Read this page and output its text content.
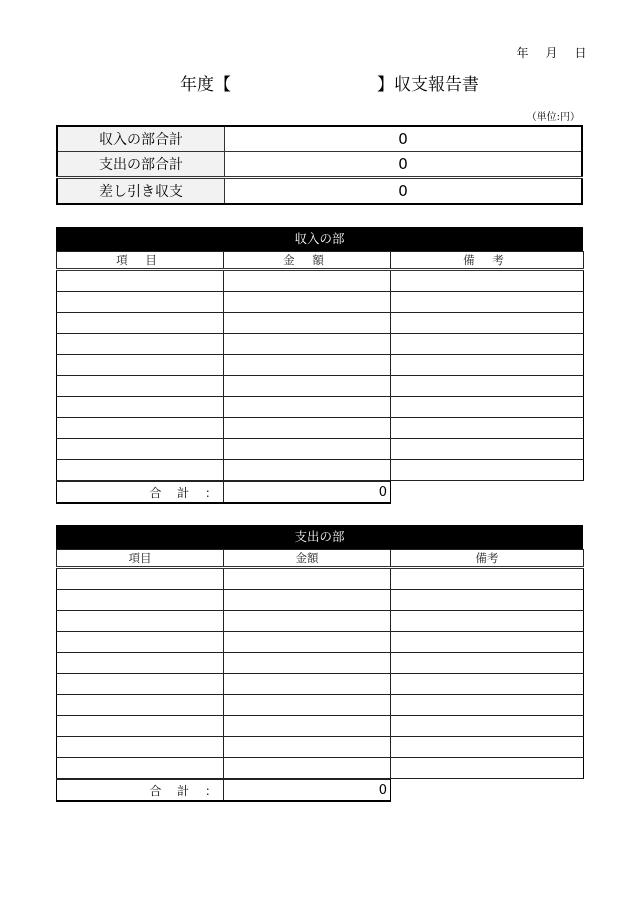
年 月 日
年度【	】収支報告書
（単位:円）
収入の部合計	0
支出の部合計	0
差し引き収支	0
収入の部
項 目	金 額	備 考

合 計 ：	0
支出の部
項目	金額	備考

合 計 ：	0
